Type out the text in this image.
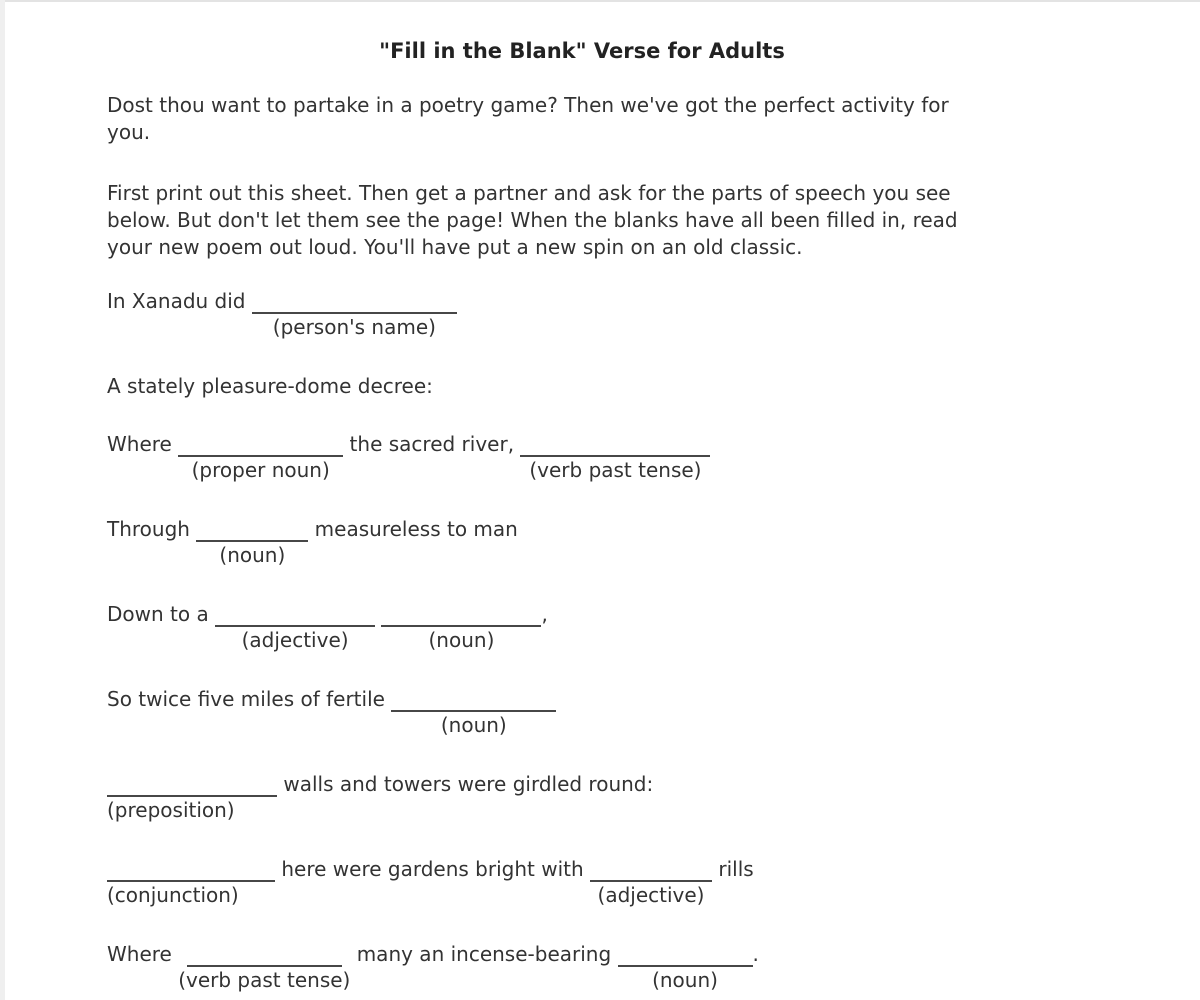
"Fill in the Blank" Verse for Adults
Dost thou want to partake in a poetry game? Then we've got the perfect activity for
you.
First print out this sheet. Then get a partner and ask for the parts of speech you see
below. But don't let them see the page! When the blanks have all been filled in, read
your new poem out loud. You'll have put a new spin on an old classic.
In Xanadu did
(person's name)
A stately pleasure-dome decree:
Where
(proper noun)
the sacred river,
(verb past tense)
Through
(noun)
measureless to man
Down to a
(adjective)
	(noun)
,
So twice five miles of fertile
(noun)
(preposition)
walls and towers were girdled round:
(conjunction)
here were gardens bright with
(adjective)
rills
Where
(verb past tense)
many an incense-bearing
(noun)
.
